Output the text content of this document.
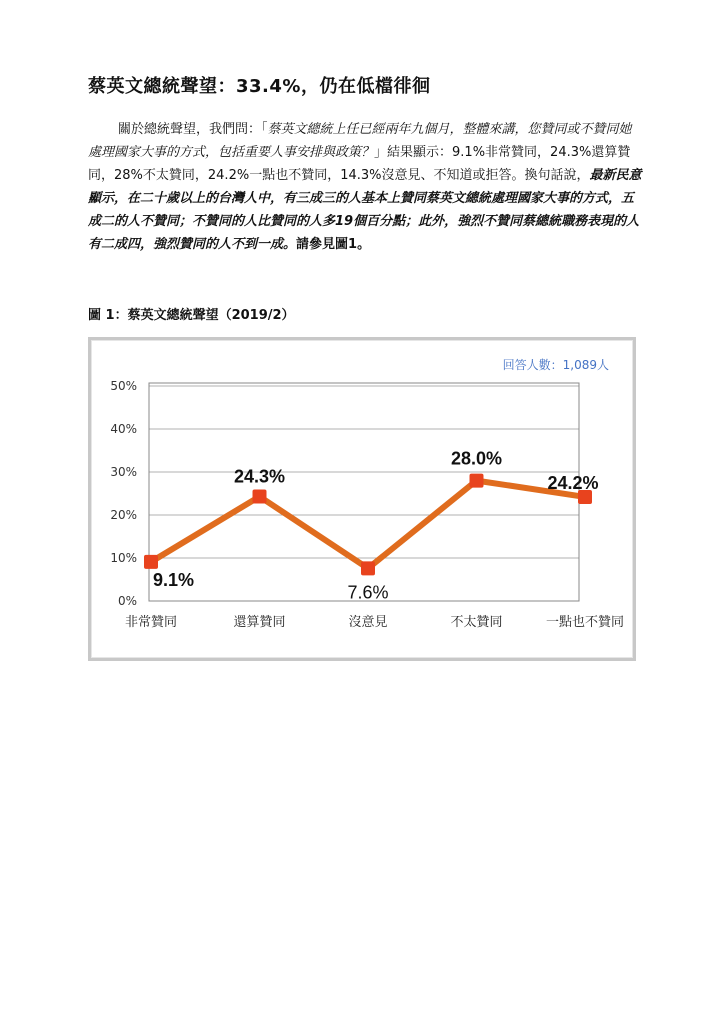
蔡英文總統聲望：33.4%，仍在低檔徘徊

關於總統聲望，我們問：「蔡英文總統上任已經兩年九個月，整體來講，您贊同或不贊同她處理國家大事的方式，包括重要人事安排與政策？」結果顯示：9.1%非常贊同，24.3%還算贊同，28%不太贊同，24.2%一點也不贊同，14.3%沒意見、不知道或拒答。換句話說，最新民意顯示，在二十歲以上的台灣人中，有三成三的人基本上贊同蔡英文總統處理國家大事的方式，五成二的人不贊同；不贊同的人比贊同的人多19個百分點；此外，強烈不贊同蔡總統職務表現的人有二成四，強烈贊同的人不到一成。請參見圖1。

圖 1：蔡英文總統聲望（2019/2）
0%
10%
20%
30%
40%
50%
非常贊同	還算贊同	沒意見	不太贊同	一點也不贊同
9.1%
24.3%
7.6%
28.0%
24.2%
回答人數：1,089人
